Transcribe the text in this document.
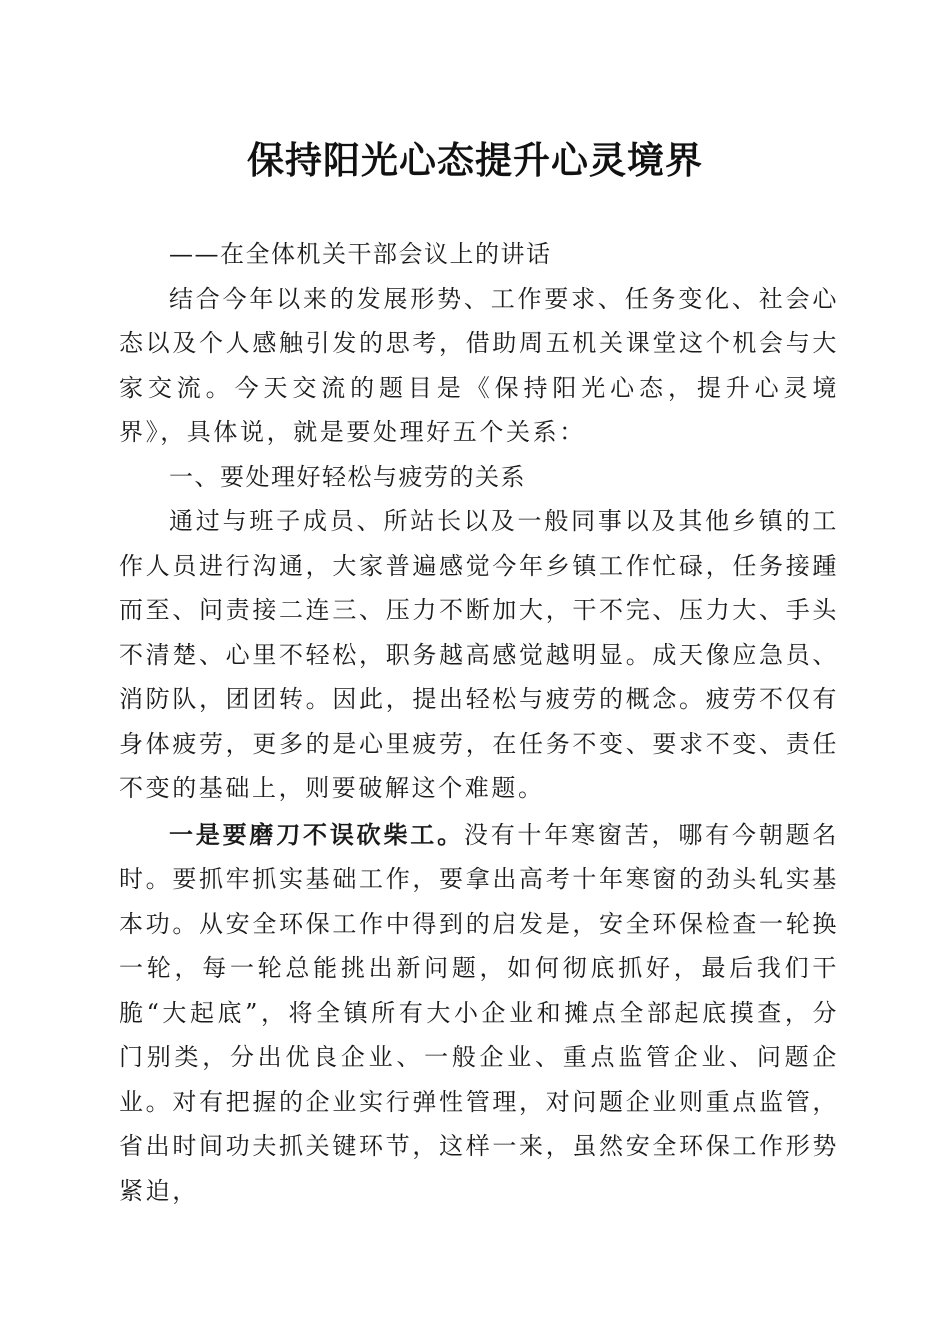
保持阳光心态提升心灵境界

——在全体机关干部会议上的讲话

结合今年以来的发展形势、工作要求、任务变化、社会心态以及个人感触引发的思考，借助周五机关课堂这个机会与大家交流。今天交流的题目是《保持阳光心态，提升心灵境界》，具体说，就是要处理好五个关系：

一、要处理好轻松与疲劳的关系

通过与班子成员、所站长以及一般同事以及其他乡镇的工作人员进行沟通，大家普遍感觉今年乡镇工作忙碌，任务接踵而至、问责接二连三、压力不断加大，干不完、压力大、手头不清楚、心里不轻松，职务越高感觉越明显。成天像应急员、消防队，团团转。因此，提出轻松与疲劳的概念。疲劳不仅有身体疲劳，更多的是心里疲劳，在任务不变、要求不变、责任不变的基础上，则要破解这个难题。

一是要磨刀不误砍柴工。没有十年寒窗苦，哪有今朝题名时。要抓牢抓实基础工作，要拿出高考十年寒窗的劲头轧实基本功。从安全环保工作中得到的启发是，安全环保检查一轮换一轮，每一轮总能挑出新问题，如何彻底抓好，最后我们干脆“大起底”，将全镇所有大小企业和摊点全部起底摸查，分门别类，分出优良企业、一般企业、重点监管企业、问题企业。对有把握的企业实行弹性管理，对问题企业则重点监管，省出时间功夫抓关键环节，这样一来，虽然安全环保工作形势紧迫，
